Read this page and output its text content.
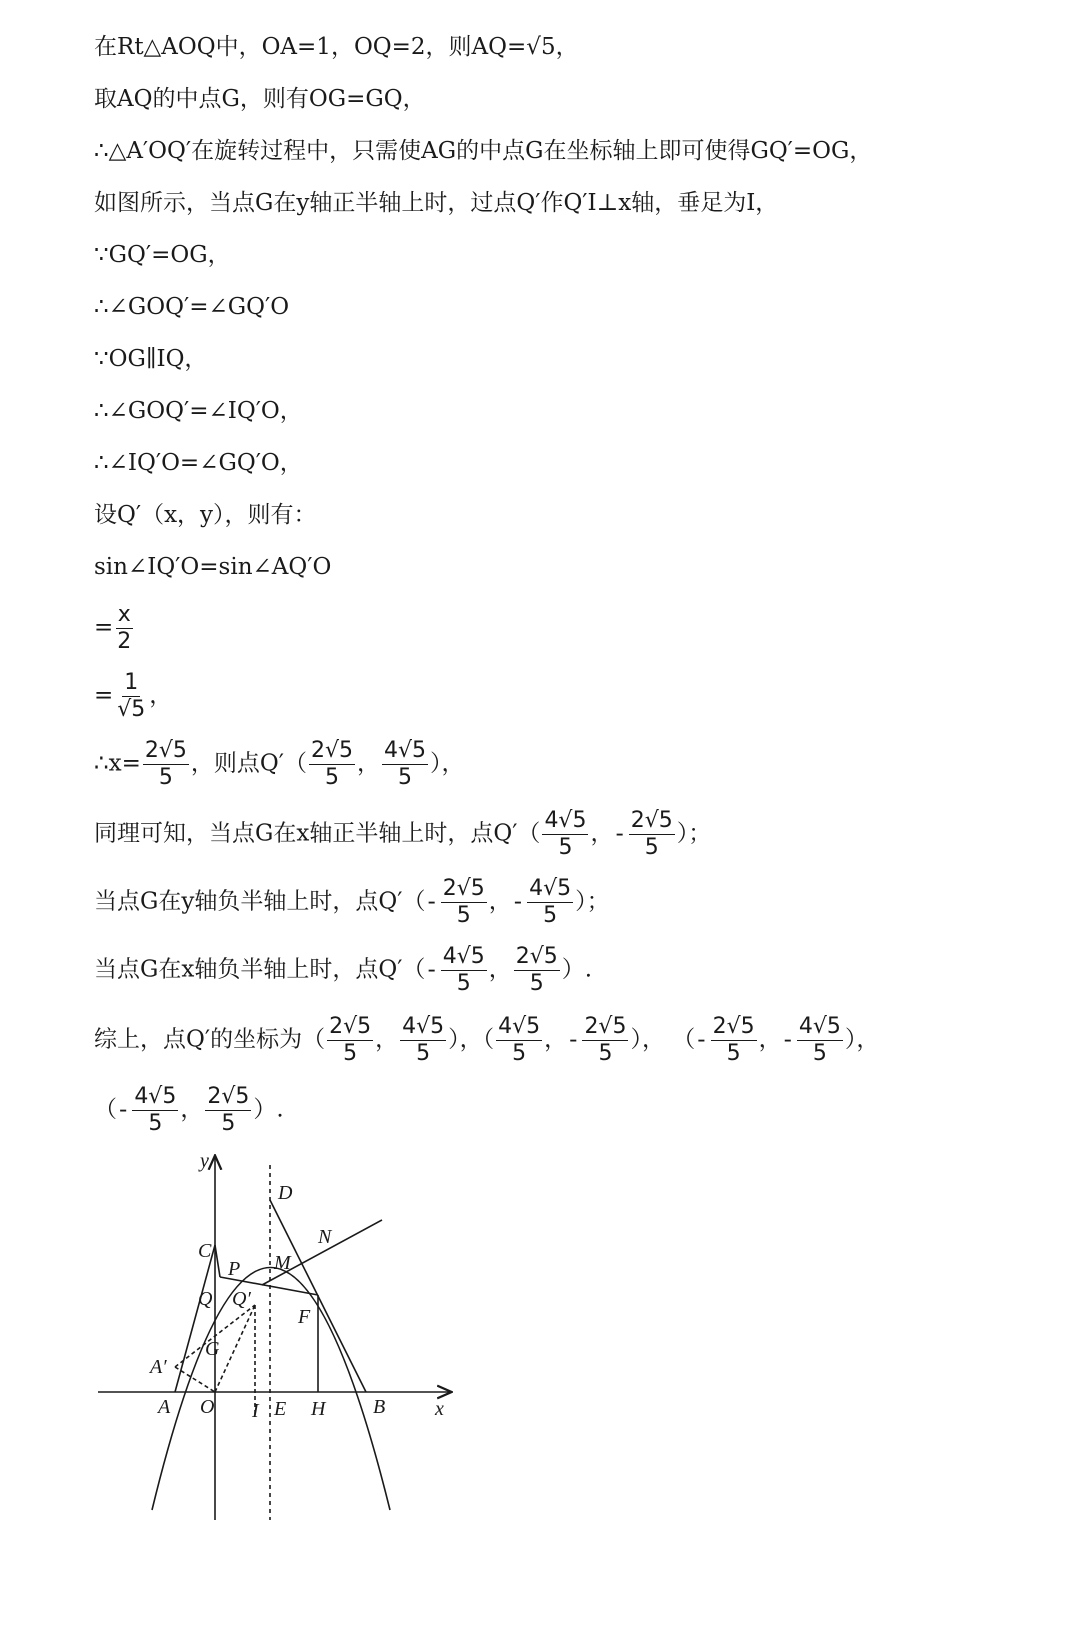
在Rt△AOQ中，OA=1，OQ=2，则AQ=√5，
取AQ的中点G，则有OG=GQ，
∴△A′OQ′在旋转过程中，只需使AG的中点G在坐标轴上即可使得GQ′=OG，
如图所示，当点G在y轴正半轴上时，过点Q′作Q′I⊥x轴，垂足为I，
∵GQ′=OG，
∴∠GOQ′=∠GQ′O
∵OG∥IQ，
∴∠GOQ′=∠IQ′O，
∴∠IQ′O=∠GQ′O，
设Q′（x，y），则有：
sin∠IQ′O=sin∠AQ′O
= $\frac{x}{2}$
= $\frac{1}{√5}$ ，
∴x= $\frac{2√5}{5}$ ，则点$Q'( \frac{2√5}{5}$ ， $\frac{4√5}{5}$ ），
同理可知，当点G在x轴正半轴上时，点$Q'( \frac{4√5}{5}$ ，- $\frac{2√5}{5}$ ）；
当点G在y轴负半轴上时，点$Q'(- \frac{2√5}{5}$ ，- $\frac{4√5}{5}$ ）；
当点G在x轴负半轴上时，点$Q'(- \frac{4√5}{5}$ ， $\frac{2√5}{5}$ ）.
综上，点Q′的坐标为（ $\frac{2√5}{5}$ ， $\frac{4√5}{5}$ ），（ $\frac{4√5}{5}$ ，- $\frac{2√5}{5}$ ）， （- $\frac{2√5}{5}$ ，- $\frac{4√5}{5}$ ），
（- $\frac{4√5}{5}$ ， $\frac{2√5}{5}$ ）.
y
x
D
C
N
M
P
Q Q′
F
G
A′
A O I E H B
